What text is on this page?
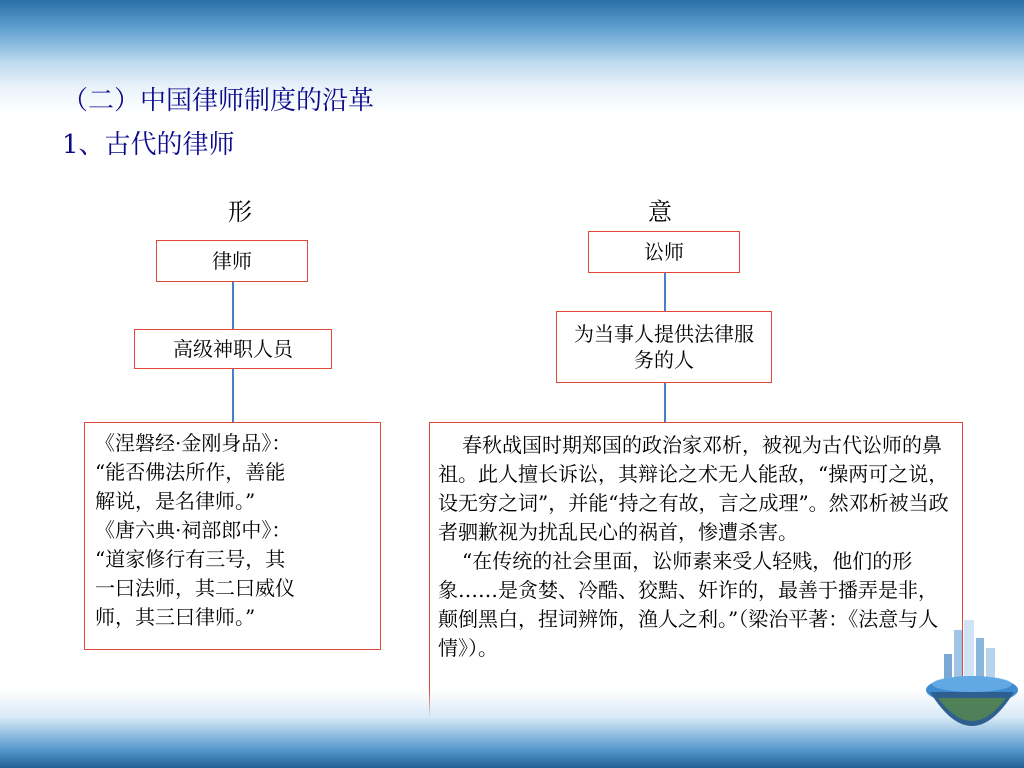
（二）中国律师制度的沿革
1、古代的律师
形
律师
高级神职人员

《涅磐经·金刚身品》：

“能否佛法所作，善能

解说，是名律师。”

《唐六典·祠部郎中》：

“道家修行有三号，其

一曰法师，其二曰威仪

师，其三曰律师。”

意
讼师
为当事人提供法律服务的人

春秋战国时期郑国的政治家邓析，被视为古代讼师的鼻祖。此人擅长诉讼，其辩论之术无人能敌，“操两可之说，设无穷之词”，并能“持之有故，言之成理”。然邓析被当政者驷歉视为扰乱民心的祸首，惨遭杀害。

“在传统的社会里面，讼师素来受人轻贱，他们的形象……是贪婪、冷酷、狡黠、奸诈的，最善于播弄是非，颠倒黑白，捏词辨饰，渔人之利。”（梁治平著：《法意与人情》）。
